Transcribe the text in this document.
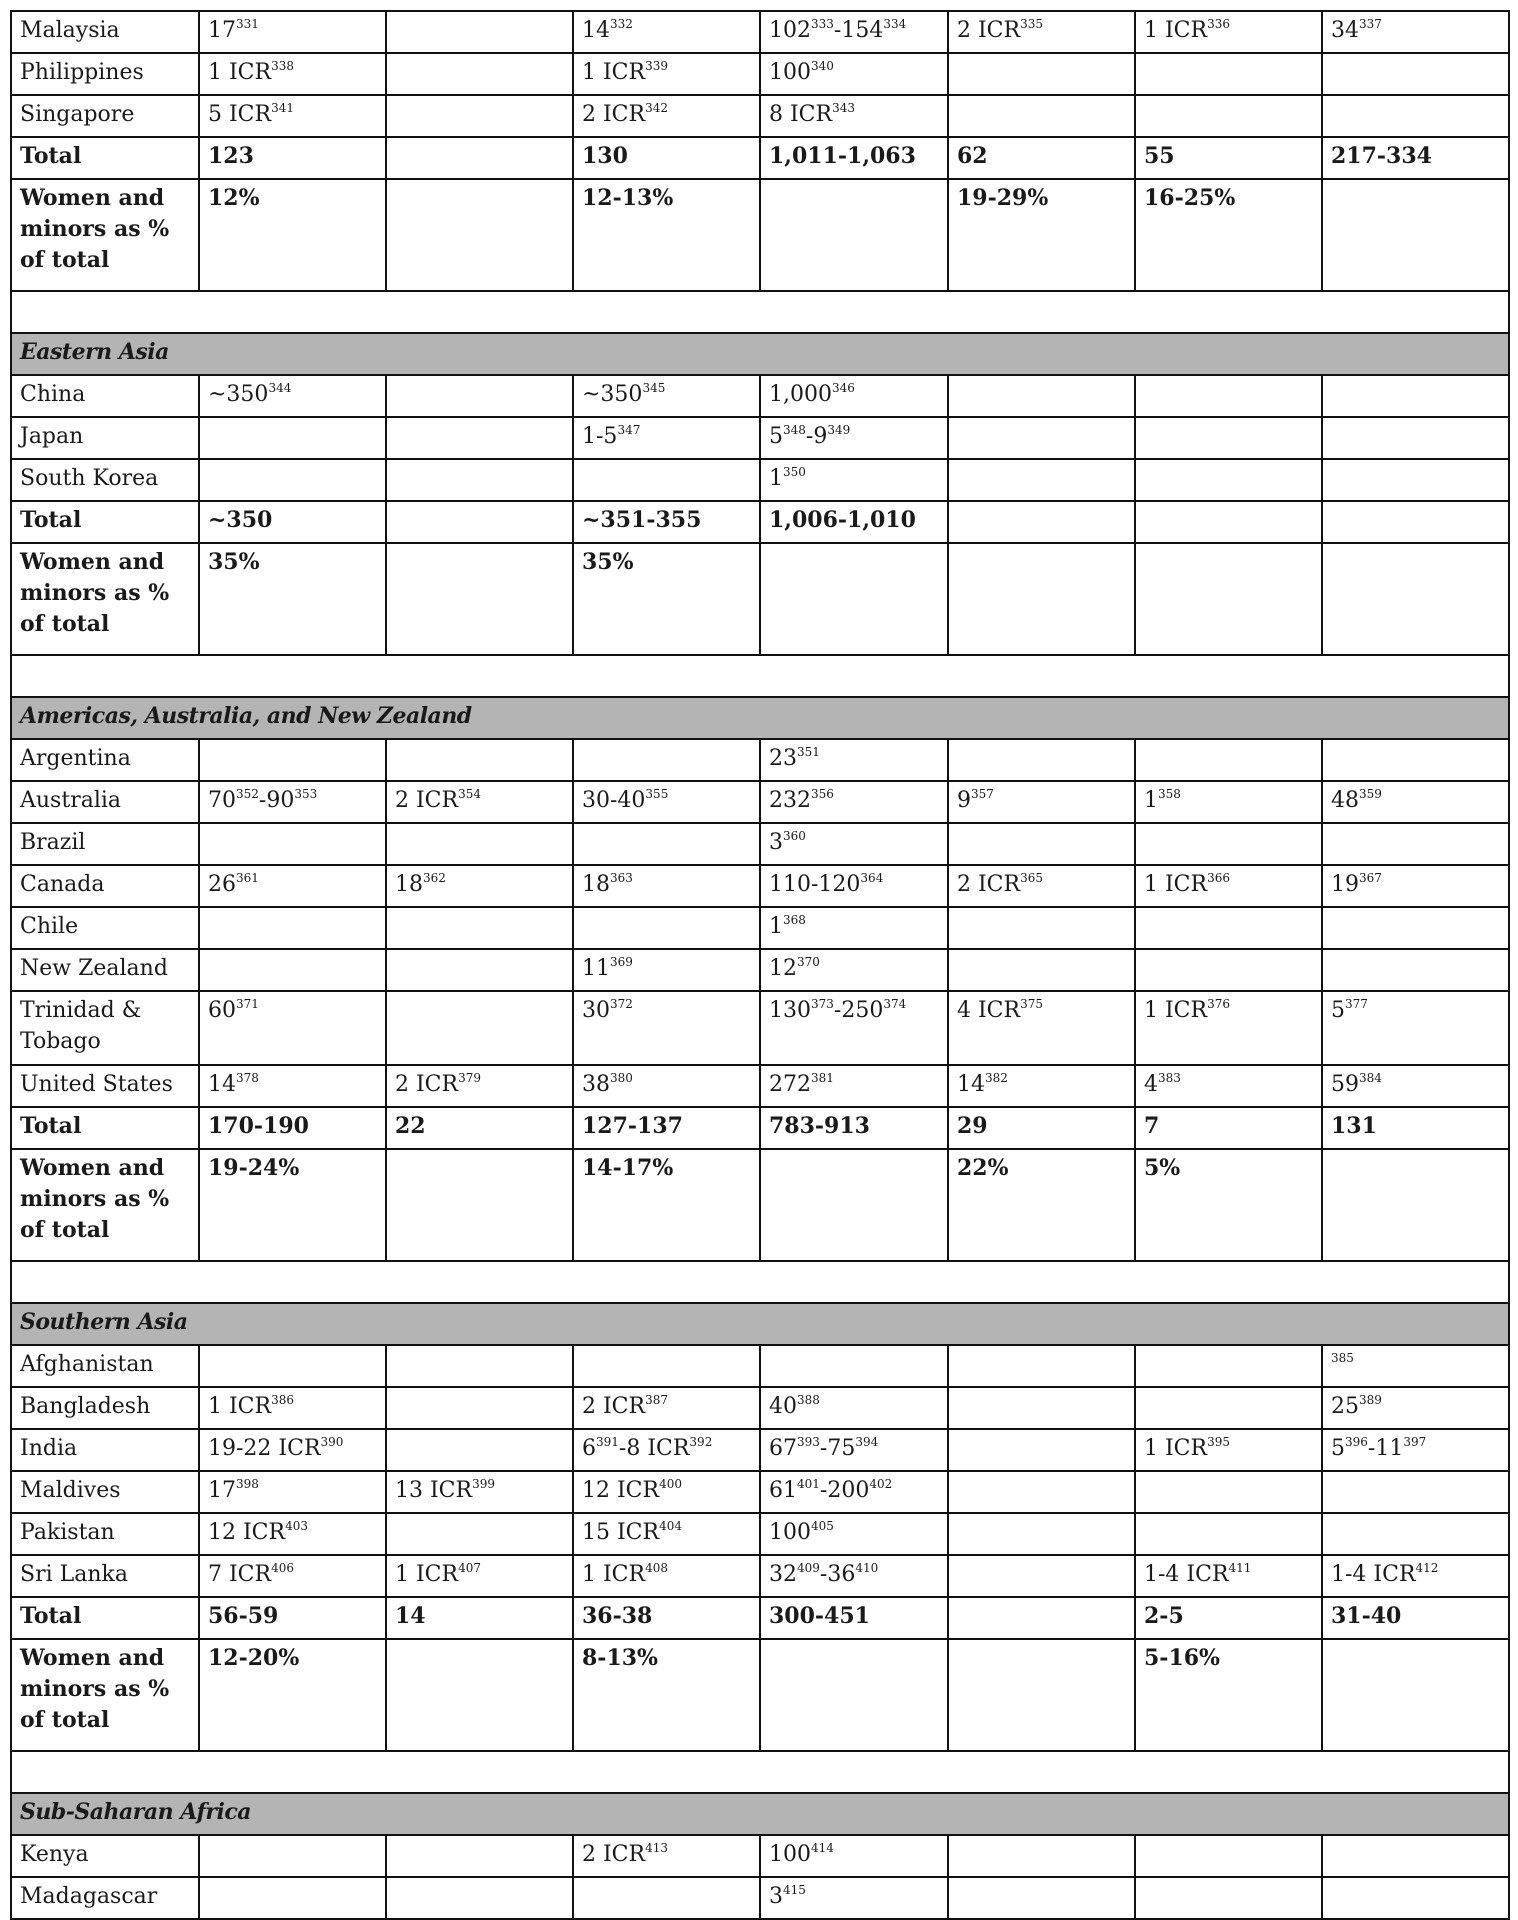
Malaysia	$17^{331}$		$14^{332}$	$102^{333}-154^{334}$	2 ICR$^{335}$	1 ICR$^{336}$	$34^{337}$
Philippines	1 ICR$^{338}$		1 ICR$^{339}$	$100^{340}$			
Singapore	5 ICR$^{341}$		2 ICR$^{342}$	8 ICR$^{343}$			
Total	123		130	1,011-1,063	62	55	217-334
Women and minors as % of total	12%		12-13%		19-29%	16-25%	

Eastern Asia							
China	$\sim 350^{344}$		$\sim 350^{345}$	1,000$^{346}$			
Japan			$1-5^{347}$	$5^{348}-9^{349}$			
South Korea				$1^{350}$			
Total	~350		~351-355	1,006-1,010			
Women and minors as % of total	35%		35%				

Americas, Australia, and New Zealand							
Argentina				$23^{351}$			
Australia	$70^{352}-90^{353}$	2 ICR$^{354}$	$30-40^{355}$	$232^{356}$	$9^{357}$	$1^{358}$	$48^{359}$
Brazil				$3^{360}$			
Canada	$26^{361}$	$18^{362}$	$18^{363}$	$110-120^{364}$	2 ICR$^{365}$	1 ICR$^{366}$	$19^{367}$
Chile				$1^{368}$			
New Zealand			$11^{369}$	$12^{370}$			
Trinidad & Tobago	$60^{371}$		$30^{372}$	$130^{373}-250^{374}$	4 ICR$^{375}$	1 ICR$^{376}$	$5^{377}$
United States	$14^{378}$	2 ICR$^{379}$	$38^{380}$	$272^{381}$	$14^{382}$	$4^{383}$	$59^{384}$
Total	170-190	22	127-137	783-913	29	7	131
Women and minors as % of total	19-24%		14-17%		22%	5%	

Southern Asia							
Afghanistan							$^{385}$
Bangladesh	1 ICR$^{386}$		2 ICR$^{387}$	$40^{388}$			$25^{389}$
India	19-22 ICR$^{390}$		$6^{391}-8$ ICR$^{392}$	$67^{393}-75^{394}$		1 ICR$^{395}$	$5^{396}-11^{397}$
Maldives	$17^{398}$	13 ICR$^{399}$	12 ICR$^{400}$	$61^{401}-200^{402}$			
Pakistan	12 ICR$^{403}$		15 ICR$^{404}$	$100^{405}$			
Sri Lanka	7 ICR$^{406}$	1 ICR$^{407}$	1 ICR$^{408}$	$32^{409}-36^{410}$		1-4 ICR$^{411}$	1-4 ICR$^{412}$
Total	56-59	14	36-38	300-451		2-5	31-40
Women and minors as % of total	12-20%		8-13%			5-16%	

Sub-Saharan Africa							
Kenya			2 ICR$^{413}$	$100^{414}$			
Madagascar				$3^{415}$			
